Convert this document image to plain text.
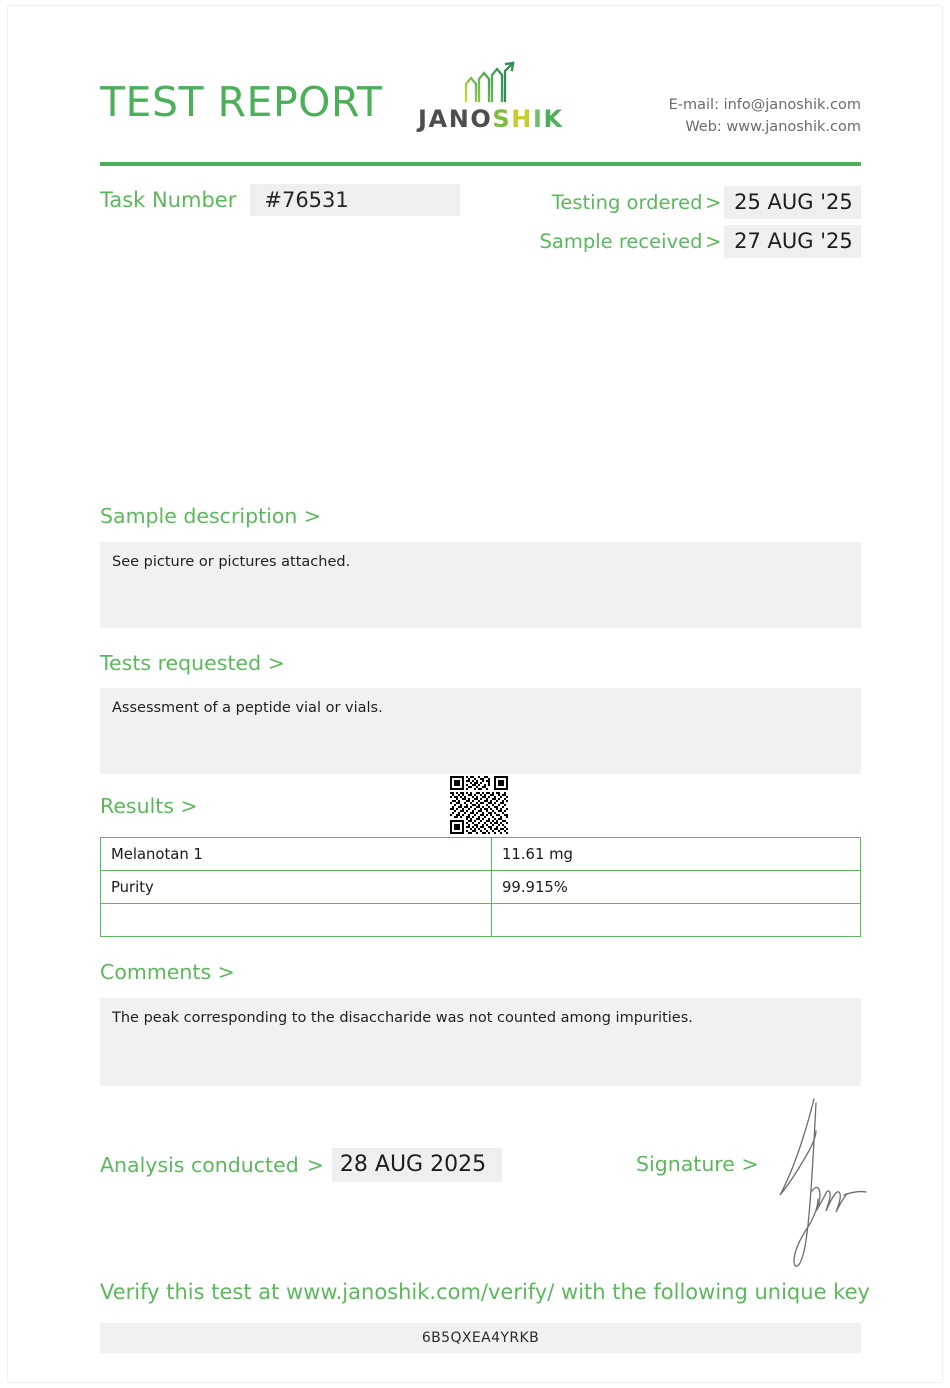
TEST REPORT JANOSHIK	E-mail: info@janoshik.com
Web: www.janoshik.com
Task Number	#76531	Testing ordered > 25 AUG '25
Sample received > 27 AUG '25
Sample description >
See picture or pictures attached.
Tests requested >
Assessment of a peptide vial or vials.
Results >
Melanotan 1	11.61 mg
Purity	99.915%

Comments >
The peak corresponding to the disaccharide was not counted among impurities.
Analysis conducted > 28 AUG 2025	Signature >
Verify this test at www.janoshik.com/verify/ with the following unique key
6B5QXEA4YRKB
